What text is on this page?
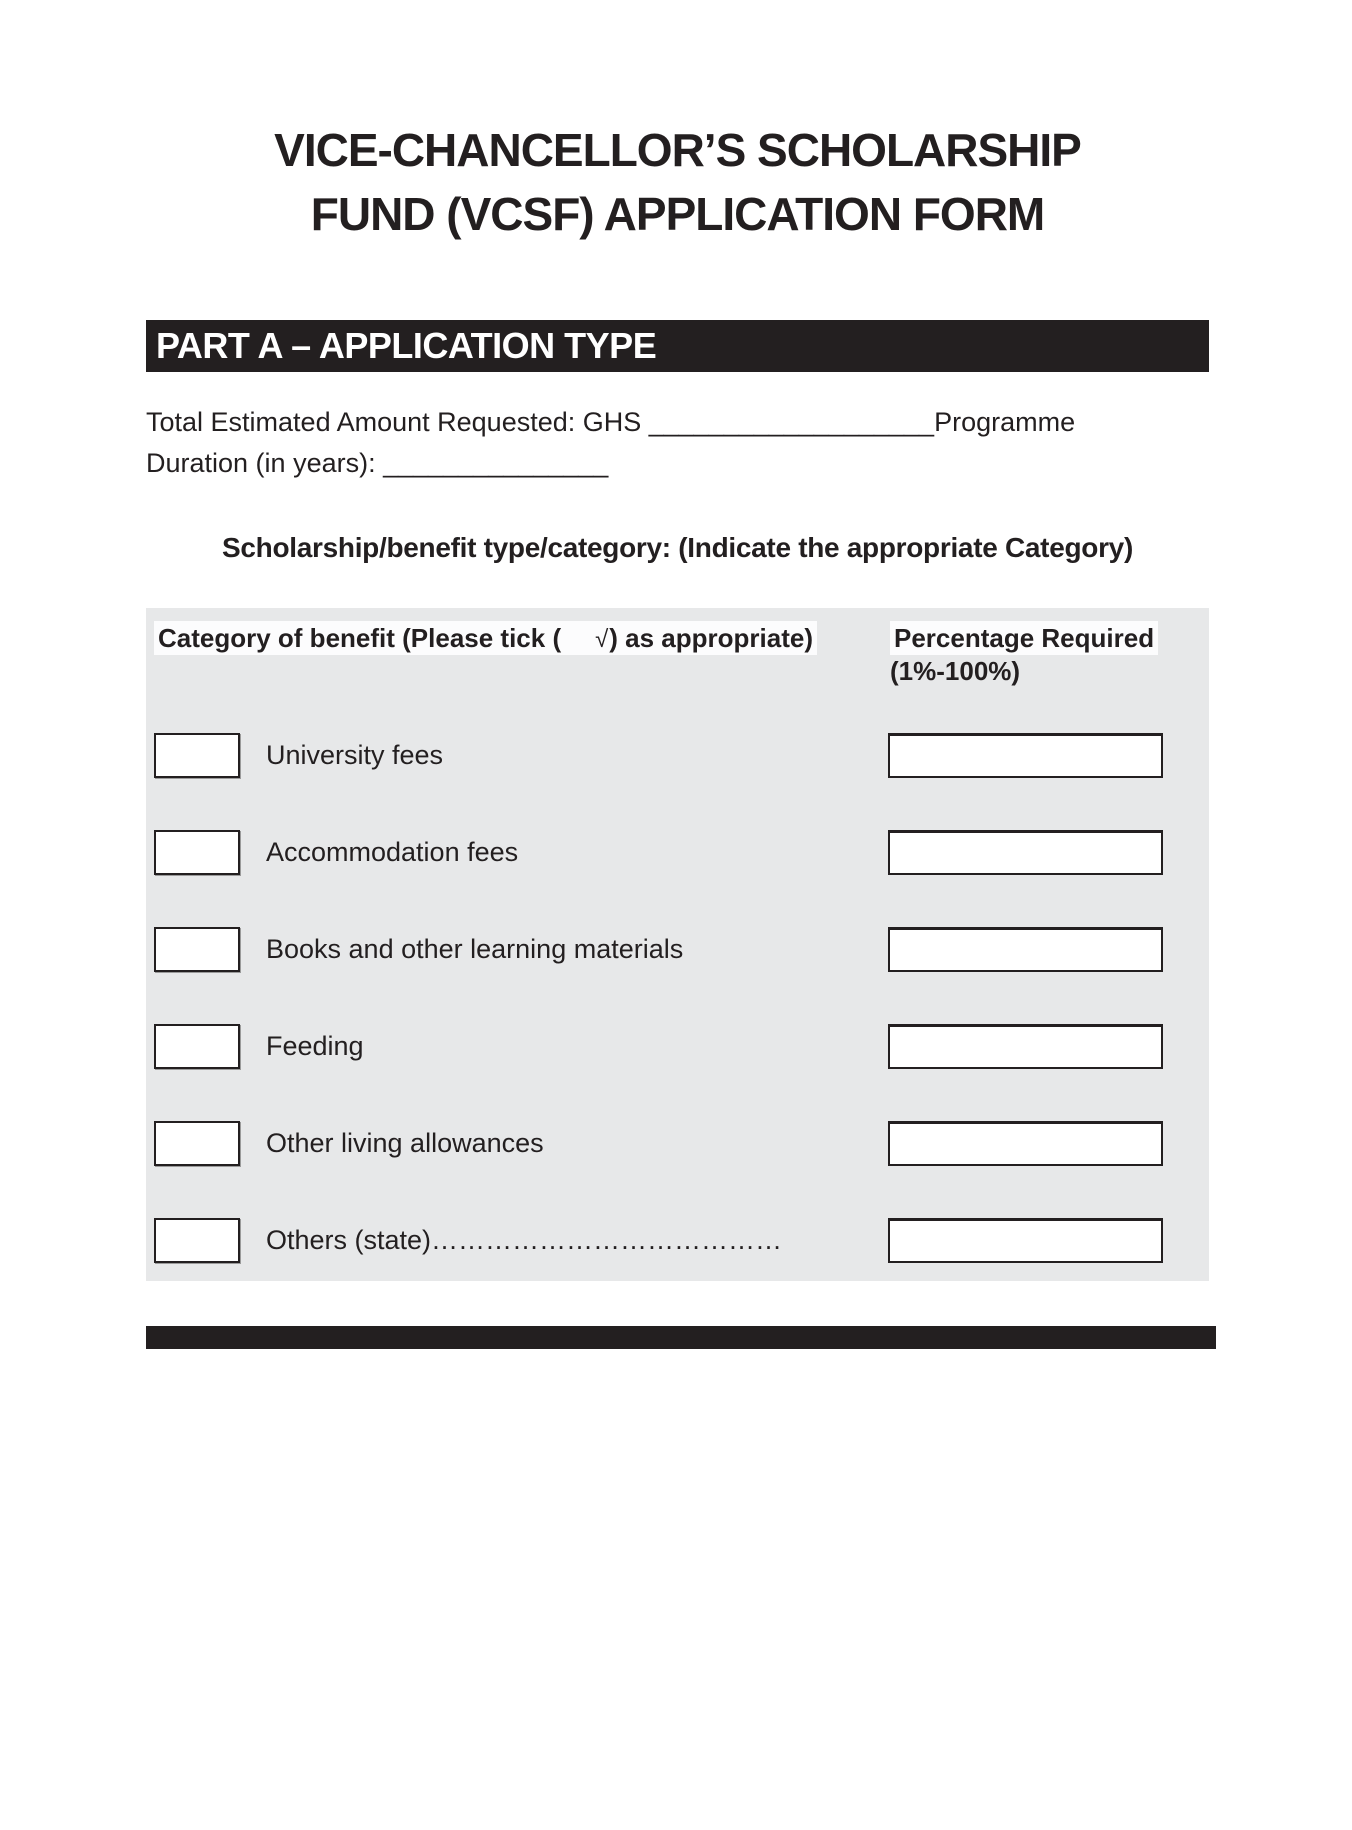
VICE-CHANCELLOR’S SCHOLARSHIP
FUND (VCSF) APPLICATION FORM
PART A – APPLICATION TYPE
Total Estimated Amount Requested: GHS ___________________Programme
Duration (in years): _______________
Scholarship/benefit type/category: (Indicate the appropriate Category)
Category of benefit (Please tick ( √) as appropriate)	Percentage Required
(1%-100%)
University fees
Accommodation fees
Books and other learning materials
Feeding
Other living allowances
Others (state)…………………………………
